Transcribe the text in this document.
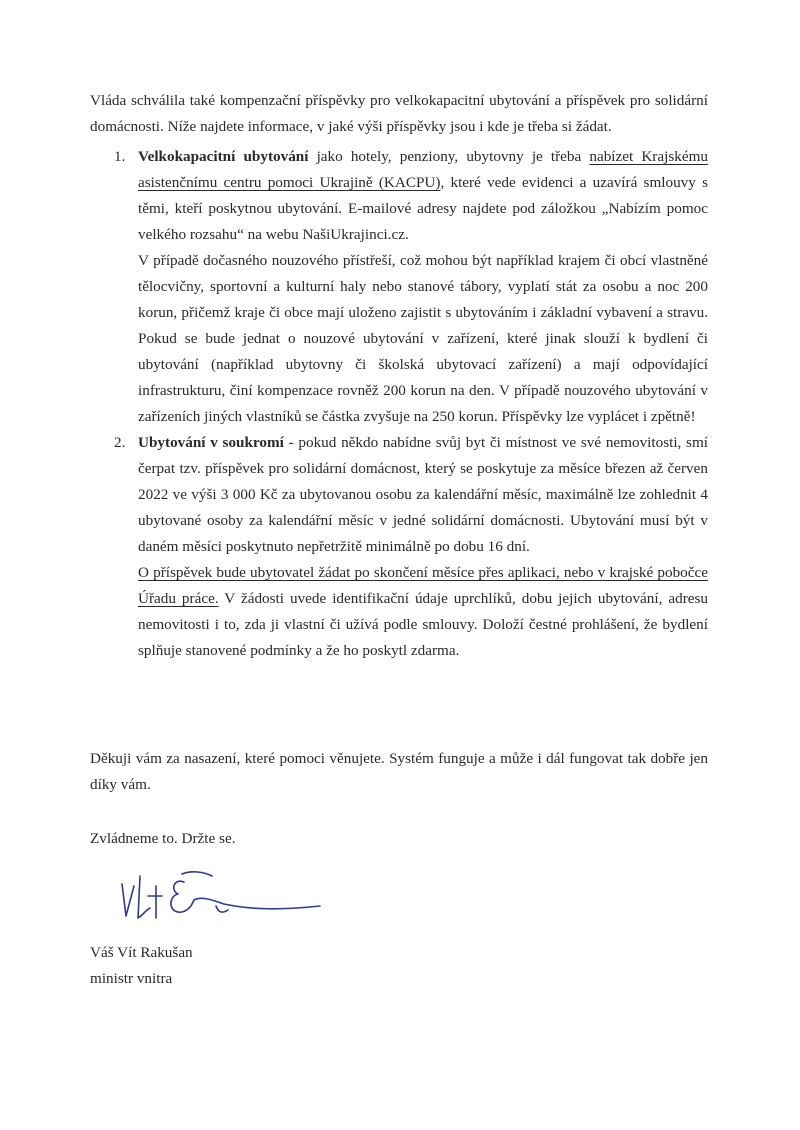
Vláda schválila také kompenzační příspěvky pro velkokapacitní ubytování a příspěvek pro solidární domácnosti. Níže najdete informace, v jaké výši příspěvky jsou i kde je třeba si žádat.

1. Velkokapacitní ubytování jako hotely, penziony, ubytovny je třeba nabízet Krajskému asistenčnímu centru pomoci Ukrajině (KACPU), které vede evidenci a uzavírá smlouvy s těmi, kteří poskytnou ubytování. E-mailové adresy najdete pod záložkou „Nabízím pomoc velkého rozsahu“ na webu NašiUkrajinci.cz.

V případě dočasného nouzového přístřeší, což mohou být například krajem či obcí vlastněné tělocvičny, sportovní a kulturní haly nebo stanové tábory, vyplatí stát za osobu a noc 200 korun, přičemž kraje či obce mají uloženo zajistit s ubytováním i základní vybavení a stravu. Pokud se bude jednat o nouzové ubytování v zařízení, které jinak slouží k bydlení či ubytování (například ubytovny či školská ubytovací zařízení) a mají odpovídající infrastrukturu, činí kompenzace rovněž 200 korun na den. V případě nouzového ubytování v zařízeních jiných vlastníků se částka zvyšuje na 250 korun. Příspěvky lze vyplácet i zpětně!

2. Ubytování v soukromí - pokud někdo nabídne svůj byt či místnost ve své nemovitosti, smí čerpat tzv. příspěvek pro solidární domácnost, který se poskytuje za měsíce březen až červen 2022 ve výši 3 000 Kč za ubytovanou osobu za kalendářní měsíc, maximálně lze zohlednit 4 ubytované osoby za kalendářní měsíc v jedné solidární domácnosti. Ubytování musí být v daném měsíci poskytnuto nepřetržitě minimálně po dobu 16 dní.
O příspěvek bude ubytovatel žádat po skončení měsíce přes aplikaci, nebo v krajské pobočce Úřadu práce. V žádosti uvede identifikační údaje uprchlíků, dobu jejich ubytování, adresu nemovitosti i to, zda ji vlastní či užívá podle smlouvy. Doloží čestné prohlášení, že bydlení splňuje stanovené podmínky a že ho poskytl zdarma.

Děkuji vám za nasazení, které pomoci věnujete. Systém funguje a může i dál fungovat tak dobře jen díky vám.

Zvládneme to. Držte se.

Váš Vít Rakušan
ministr vnitra
